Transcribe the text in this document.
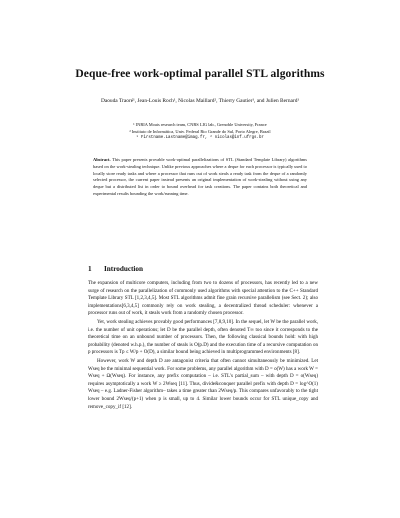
Deque-free work-optimal parallel STL algorithms
Daouda Traoré¹, Jean-Louis Roch¹, Nicolas Maillard², Thierry Gautier¹, and Julien Bernard¹
¹ INRIA Moais research team, CNRS LIG lab., Grenoble University, France
² Instituto de Informática, Univ. Federal Rio Grande do Sul, Porto Alegre, Brazil
¹ Firstname.Lastname@imag.fr, ² nicolas@inf.ufrgs.br
Abstract. This paper presents provable work-optimal parallelizations of STL (Standard Template Library) algorithms based on the work-stealing technique. Unlike previous approaches where a deque for each processor is typically used to locally store ready tasks and where a processor that runs out of work steals a ready task from the deque of a randomly selected processor, the current paper instead presents an original implementation of work-stealing without using any deque but a distributed list in order to bound overhead for task creations. The paper contains both theoretical and experimental results bounding the work/running time.
1 Introduction

The expansion of multicore computers, including from two to dozens of processors, has recently led to a new surge of research on the parallelization of commonly used algorithms with special attention to the C++ Standard Template Library STL [1,2,3,4,5]. Most STL algorithms admit fine grain recursive parallelism (see Sect. 2); also implementations[6,3,4,5] commonly rely on work stealing, a decentralized thread scheduler: whenever a processor runs out of work, it steals work from a randomly chosen processor.

Yet, work stealing achieves provably good performances [7,8,9,10]. In the sequel, let W be the parallel work, i.e. the number of unit operations; let D be the parallel depth, often denoted T∞ too since it corresponds to the theoretical time on an unbound number of processors. Then, the following classical bounds hold: with high probability (denoted w.h.p.), the number of steals is O(p.D) and the execution time of a recursive computation on p processors is Tp ≤ W/p + O(D), a similar bound being achieved in multiprogrammed environments [8].

However, work W and depth D are antagonist criteria that often cannot simultaneously be minimized. Let Wseq be the minimal sequential work. For some problems, any parallel algorithm with D = o(W) has a work W = Wseq + Ω(Wseq). For instance, any prefix computation – i.e. STL's partial_sum – with depth D = o(Wseq) requires asymptotically a work W ≥ 2Wseq [11]. Thus, divide&conquer parallel prefix with depth D = log^O(1) Wseq – e.g. Ladner-Fisher algorithm– takes a time greater than 2Wseq/p. This compares unfavorably to the tight lower bound 2Wseq/(p+1) when p is small, up to 4. Similar lower bounds occur for STL unique_copy and remove_copy_if [12].
